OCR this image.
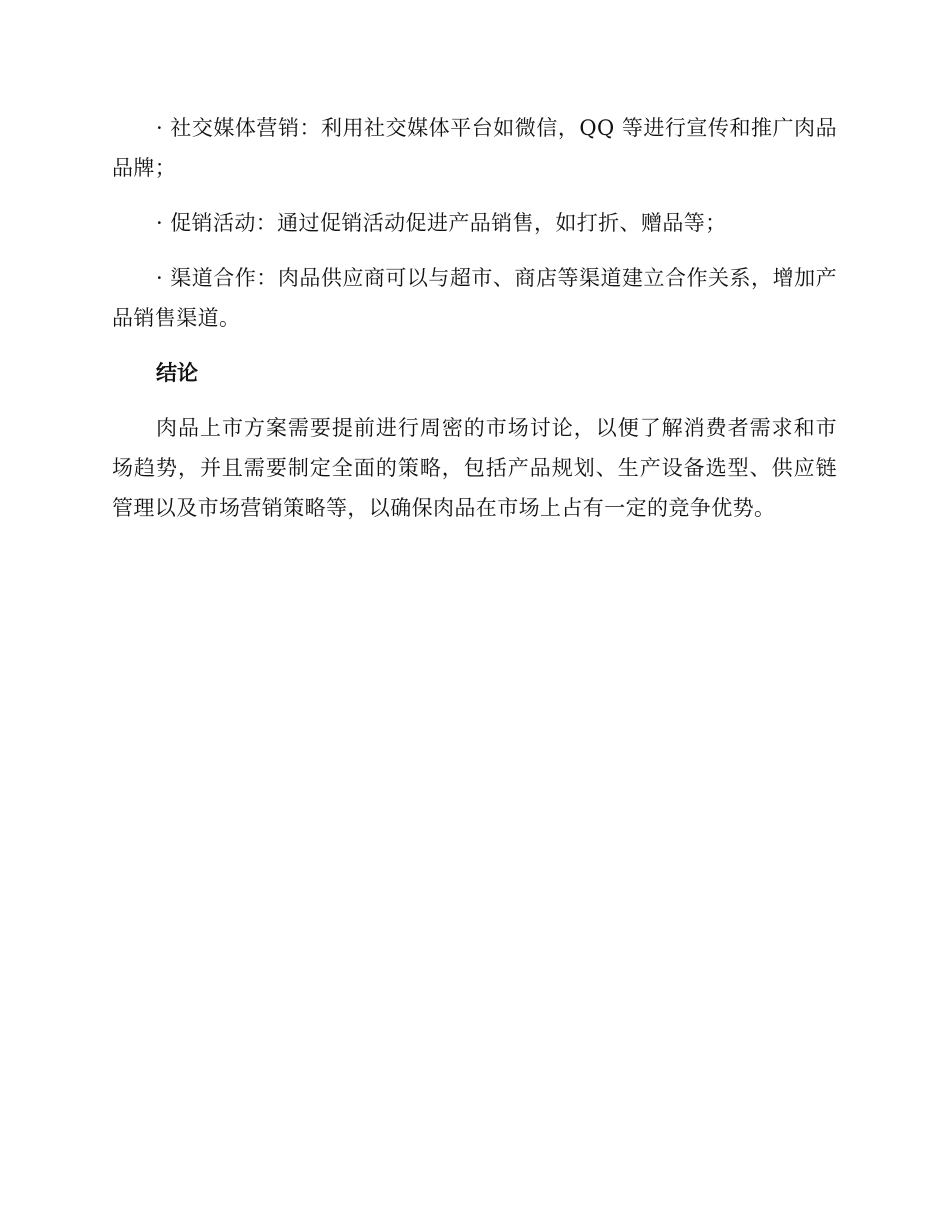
· 社交媒体营销：利用社交媒体平台如微信，QQ 等进行宣传和推广肉品品牌；

· 促销活动：通过促销活动促进产品销售，如打折、赠品等；

· 渠道合作：肉品供应商可以与超市、商店等渠道建立合作关系，增加产品销售渠道。

结论

肉品上市方案需要提前进行周密的市场讨论，以便了解消费者需求和市场趋势，并且需要制定全面的策略，包括产品规划、生产设备选型、供应链管理以及市场营销策略等，以确保肉品在市场上占有一定的竞争优势。
